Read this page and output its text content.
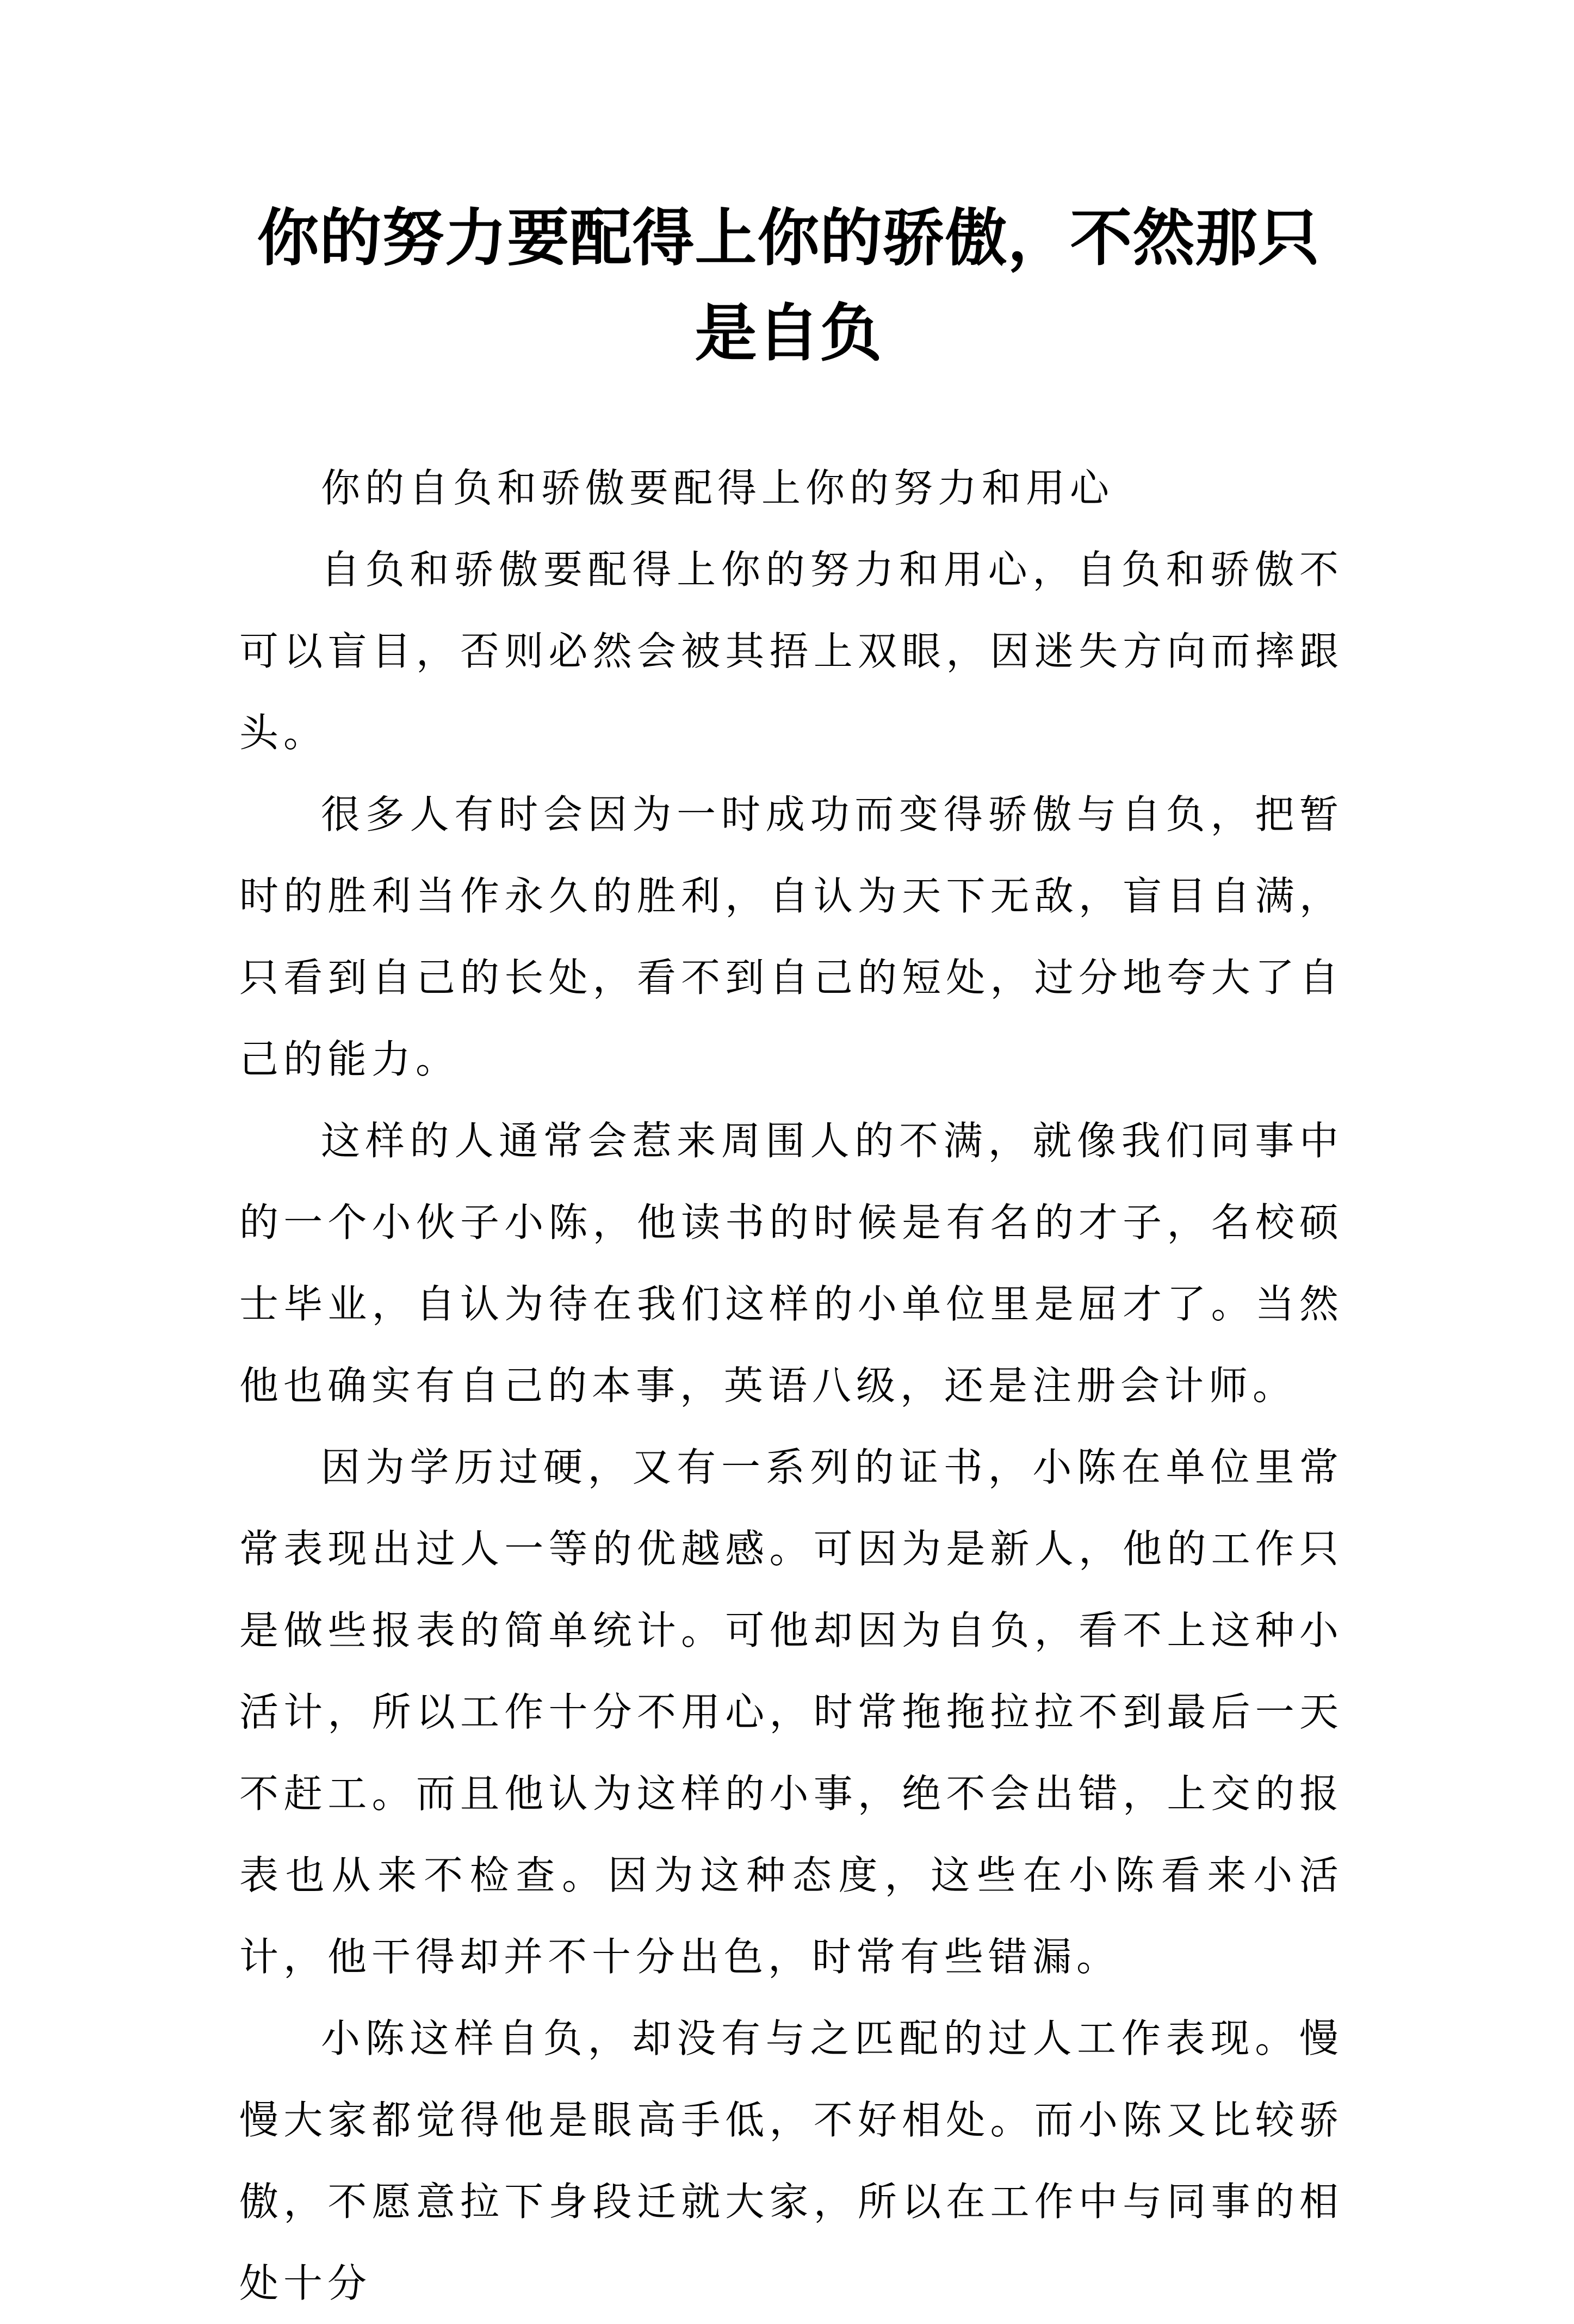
你的努力要配得上你的骄傲，不然那只是自负

你的自负和骄傲要配得上你的努力和用心

自负和骄傲要配得上你的努力和用心，自负和骄傲不可以盲目，否则必然会被其捂上双眼，因迷失方向而摔跟头。

很多人有时会因为一时成功而变得骄傲与自负，把暂时的胜利当作永久的胜利，自认为天下无敌，盲目自满，只看到自己的长处，看不到自己的短处，过分地夸大了自己的能力。

这样的人通常会惹来周围人的不满，就像我们同事中的一个小伙子小陈，他读书的时候是有名的才子，名校硕士毕业，自认为待在我们这样的小单位里是屈才了。当然他也确实有自己的本事，英语八级，还是注册会计师。

因为学历过硬，又有一系列的证书，小陈在单位里常常表现出过人一等的优越感。可因为是新人，他的工作只是做些报表的简单统计。可他却因为自负，看不上这种小活计，所以工作十分不用心，时常拖拖拉拉不到最后一天不赶工。而且他认为这样的小事，绝不会出错，上交的报表也从来不检查。因为这种态度，这些在小陈看来小活计，他干得却并不十分出色，时常有些错漏。

小陈这样自负，却没有与之匹配的过人工作表现。慢慢大家都觉得他是眼高手低，不好相处。而小陈又比较骄傲，不愿意拉下身段迁就大家，所以在工作中与同事的相处十分
